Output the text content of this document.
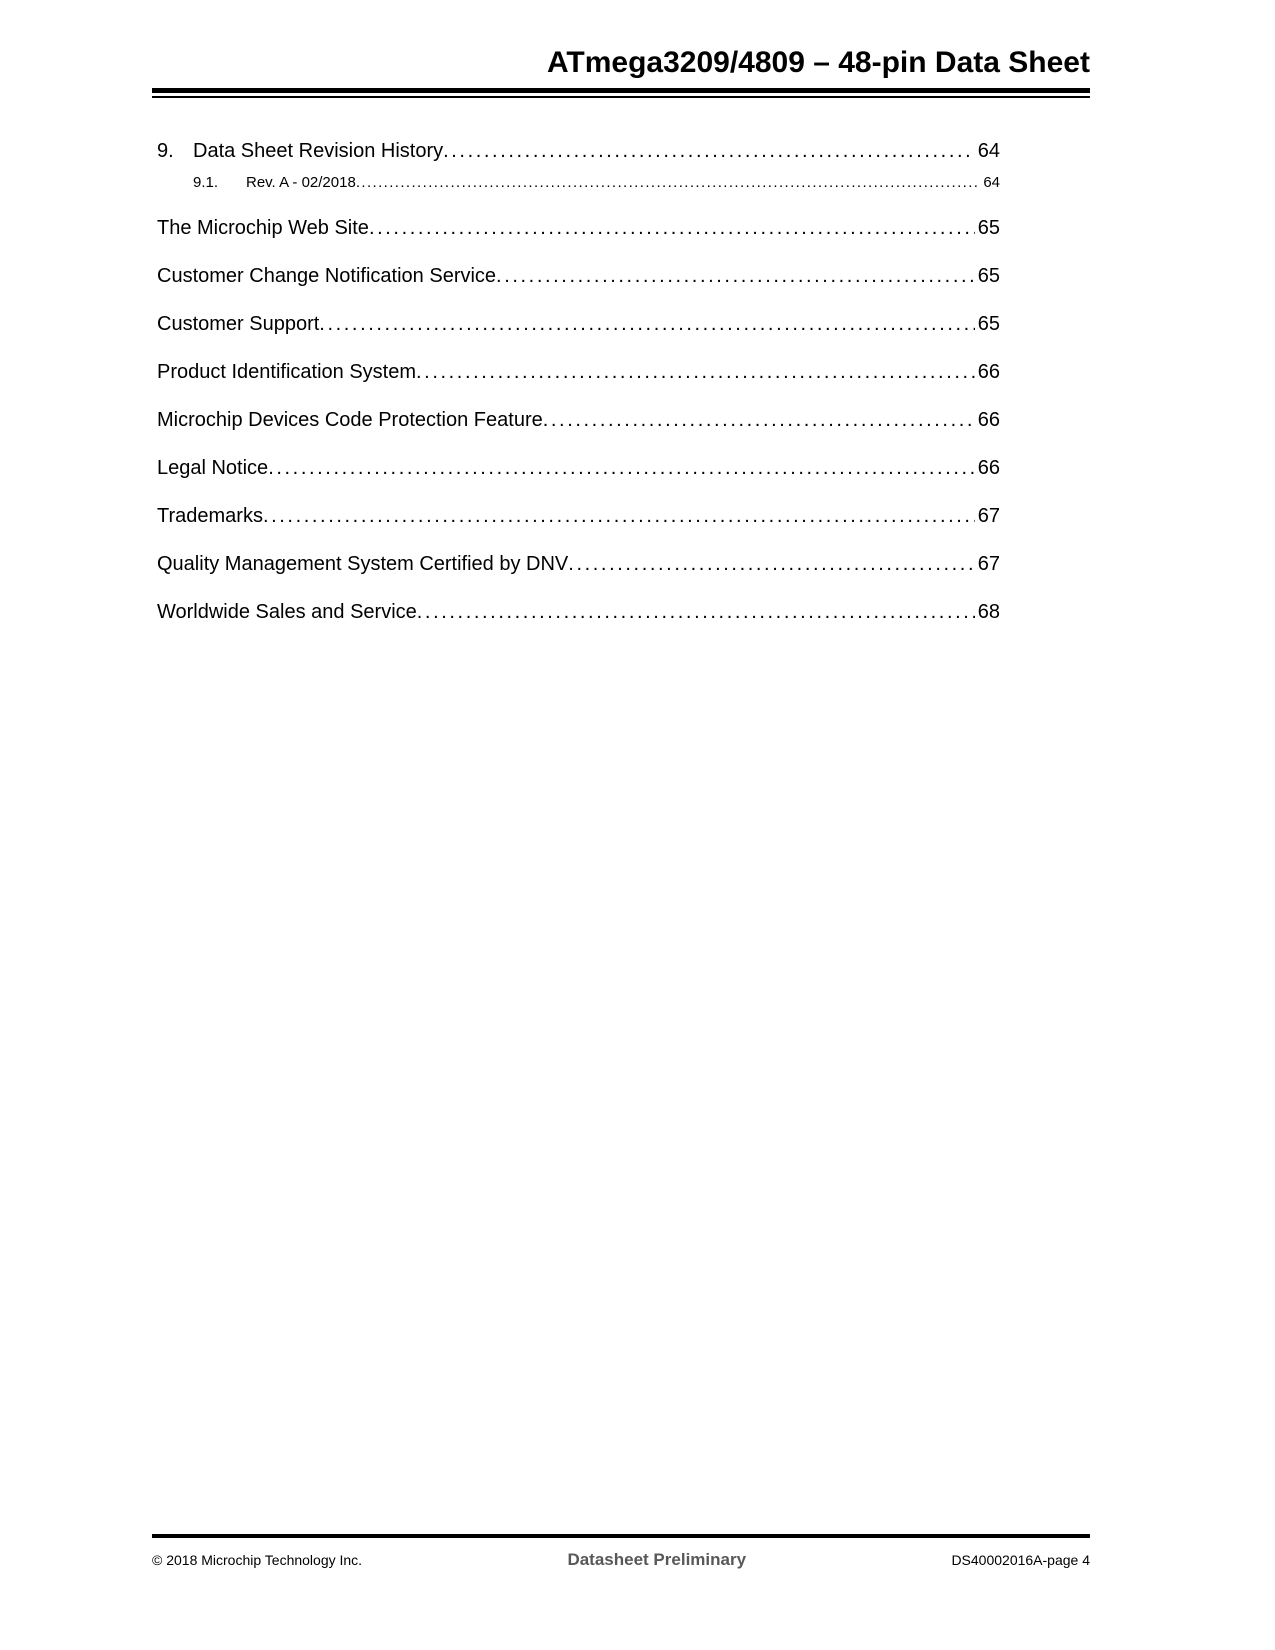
ATmega3209/4809 – 48-pin Data Sheet
9. Data Sheet Revision History .....	64
9.1.	Rev. A - 02/2018 .....	64
The Microchip Web Site .....	65
Customer Change Notification Service .....	65
Customer Support .....	65
Product Identification System .....	66
Microchip Devices Code Protection Feature .....	66
Legal Notice .....	66
Trademarks .....	67
Quality Management System Certified by DNV .....	67
Worldwide Sales and Service .....	68
© 2018 Microchip Technology Inc.	Datasheet Preliminary	DS40002016A-page 4
